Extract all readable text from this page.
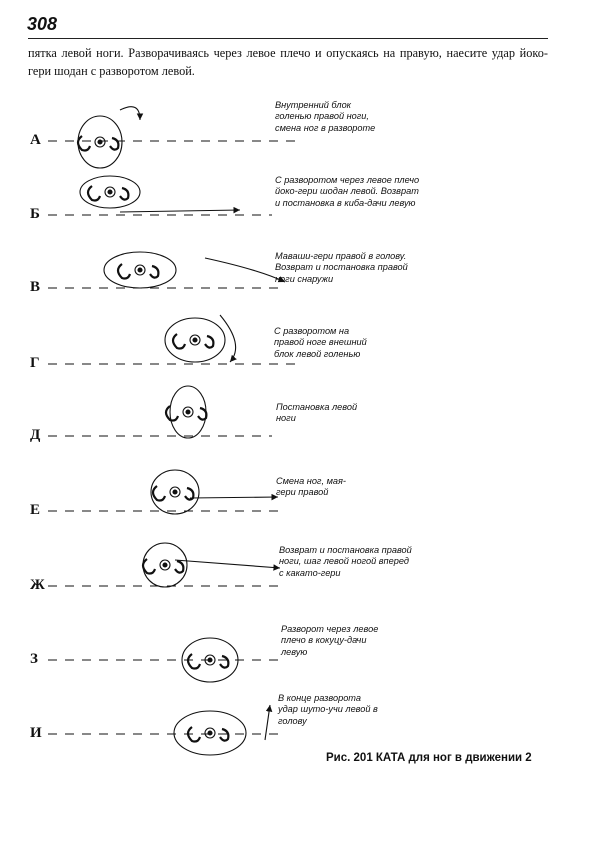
308
пятка левой ноги. Разворачиваясь через левое плечо и опускаясь на правую, наесите удар йоко-гери шодан с разворотом левой.
А
Внутренний блок
голенью правой ноги,
смена ног в развороте
Б
С разворотом через левое плечо
йоко-гери шодан левой. Возврат
и постановка в киба-дачи левую
В
Маваши-гери правой в голову.
Возврат и постановка правой
ноги снаружи
Г
С разворотом на
правой ноге внешний
блок левой голенью
Д
Постановка левой
ноги
Е
Смена ног, мая-
гери правой
Ж
Возврат и постановка правой
ноги, шаг левой ногой вперед
с какато-гери
З
Разворот через левое
плечо в кокуцу-дачи
левую
И
В конце разворота
удар шуто-учи левой в
голову
Рис. 201 КАТА для ног в движении 2
